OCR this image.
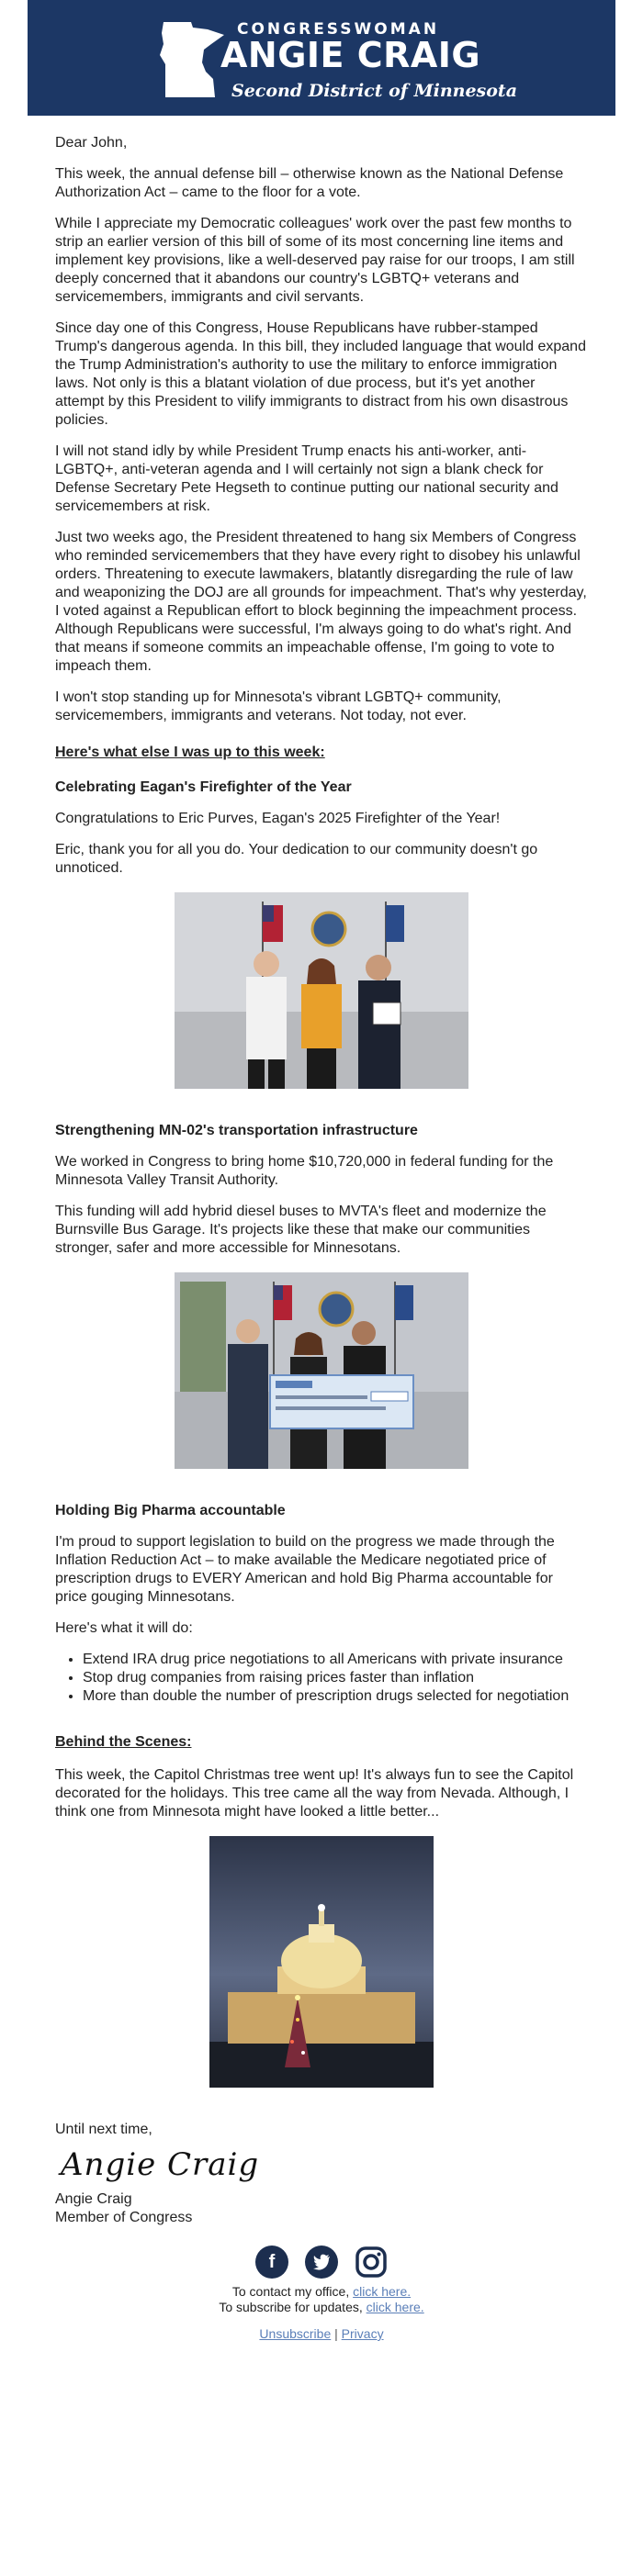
CONGRESSWOMAN
ANGIE CRAIG
Second District of Minnesota

Dear John,

This week, the annual defense bill – otherwise known as the National Defense Authorization Act – came to the floor for a vote.

While I appreciate my Democratic colleagues' work over the past few months to strip an earlier version of this bill of some of its most concerning line items and implement key provisions, like a well-deserved pay raise for our troops, I am still deeply concerned that it abandons our country's LGBTQ+ veterans and servicemembers, immigrants and civil servants.

Since day one of this Congress, House Republicans have rubber-stamped Trump's dangerous agenda. In this bill, they included language that would expand the Trump Administration's authority to use the military to enforce immigration laws. Not only is this a blatant violation of due process, but it's yet another attempt by this President to vilify immigrants to distract from his own disastrous policies.

I will not stand idly by while President Trump enacts his anti-worker, anti-LGBTQ+, anti-veteran agenda and I will certainly not sign a blank check for Defense Secretary Pete Hegseth to continue putting our national security and servicemembers at risk.

Just two weeks ago, the President threatened to hang six Members of Congress who reminded servicemembers that they have every right to disobey his unlawful orders. Threatening to execute lawmakers, blatantly disregarding the rule of law and weaponizing the DOJ are all grounds for impeachment. That's why yesterday, I voted against a Republican effort to block beginning the impeachment process. Although Republicans were successful, I'm always going to do what's right. And that means if someone commits an impeachable offense, I'm going to vote to impeach them.

I won't stop standing up for Minnesota's vibrant LGBTQ+ community, servicemembers, immigrants and veterans. Not today, not ever.

Here's what else I was up to this week:
Celebrating Eagan's Firefighter of the Year

Congratulations to Eric Purves, Eagan's 2025 Firefighter of the Year!

Eric, thank you for all you do. Your dedication to our community doesn't go unnoticed.

Strengthening MN-02's transportation infrastructure

We worked in Congress to bring home $10,720,000 in federal funding for the Minnesota Valley Transit Authority.

This funding will add hybrid diesel buses to MVTA's fleet and modernize the Burnsville Bus Garage. It's projects like these that make our communities stronger, safer and more accessible for Minnesotans.

Holding Big Pharma accountable

I'm proud to support legislation to build on the progress we made through the Inflation Reduction Act – to make available the Medicare negotiated price of prescription drugs to EVERY American and hold Big Pharma accountable for price gouging Minnesotans.

Here's what it will do:

• Extend IRA drug price negotiations to all Americans with private insurance
• Stop drug companies from raising prices faster than inflation
• More than double the number of prescription drugs selected for negotiation
Behind the Scenes:

This week, the Capitol Christmas tree went up! It's always fun to see the Capitol decorated for the holidays. This tree came all the way from Nevada. Although, I think one from Minnesota might have looked a little better...

Until next time,

Angie Craig

Angie Craig

Member of Congress

f
To contact my office, click here.
To subscribe for updates, click here.
Unsubscribe | Privacy
